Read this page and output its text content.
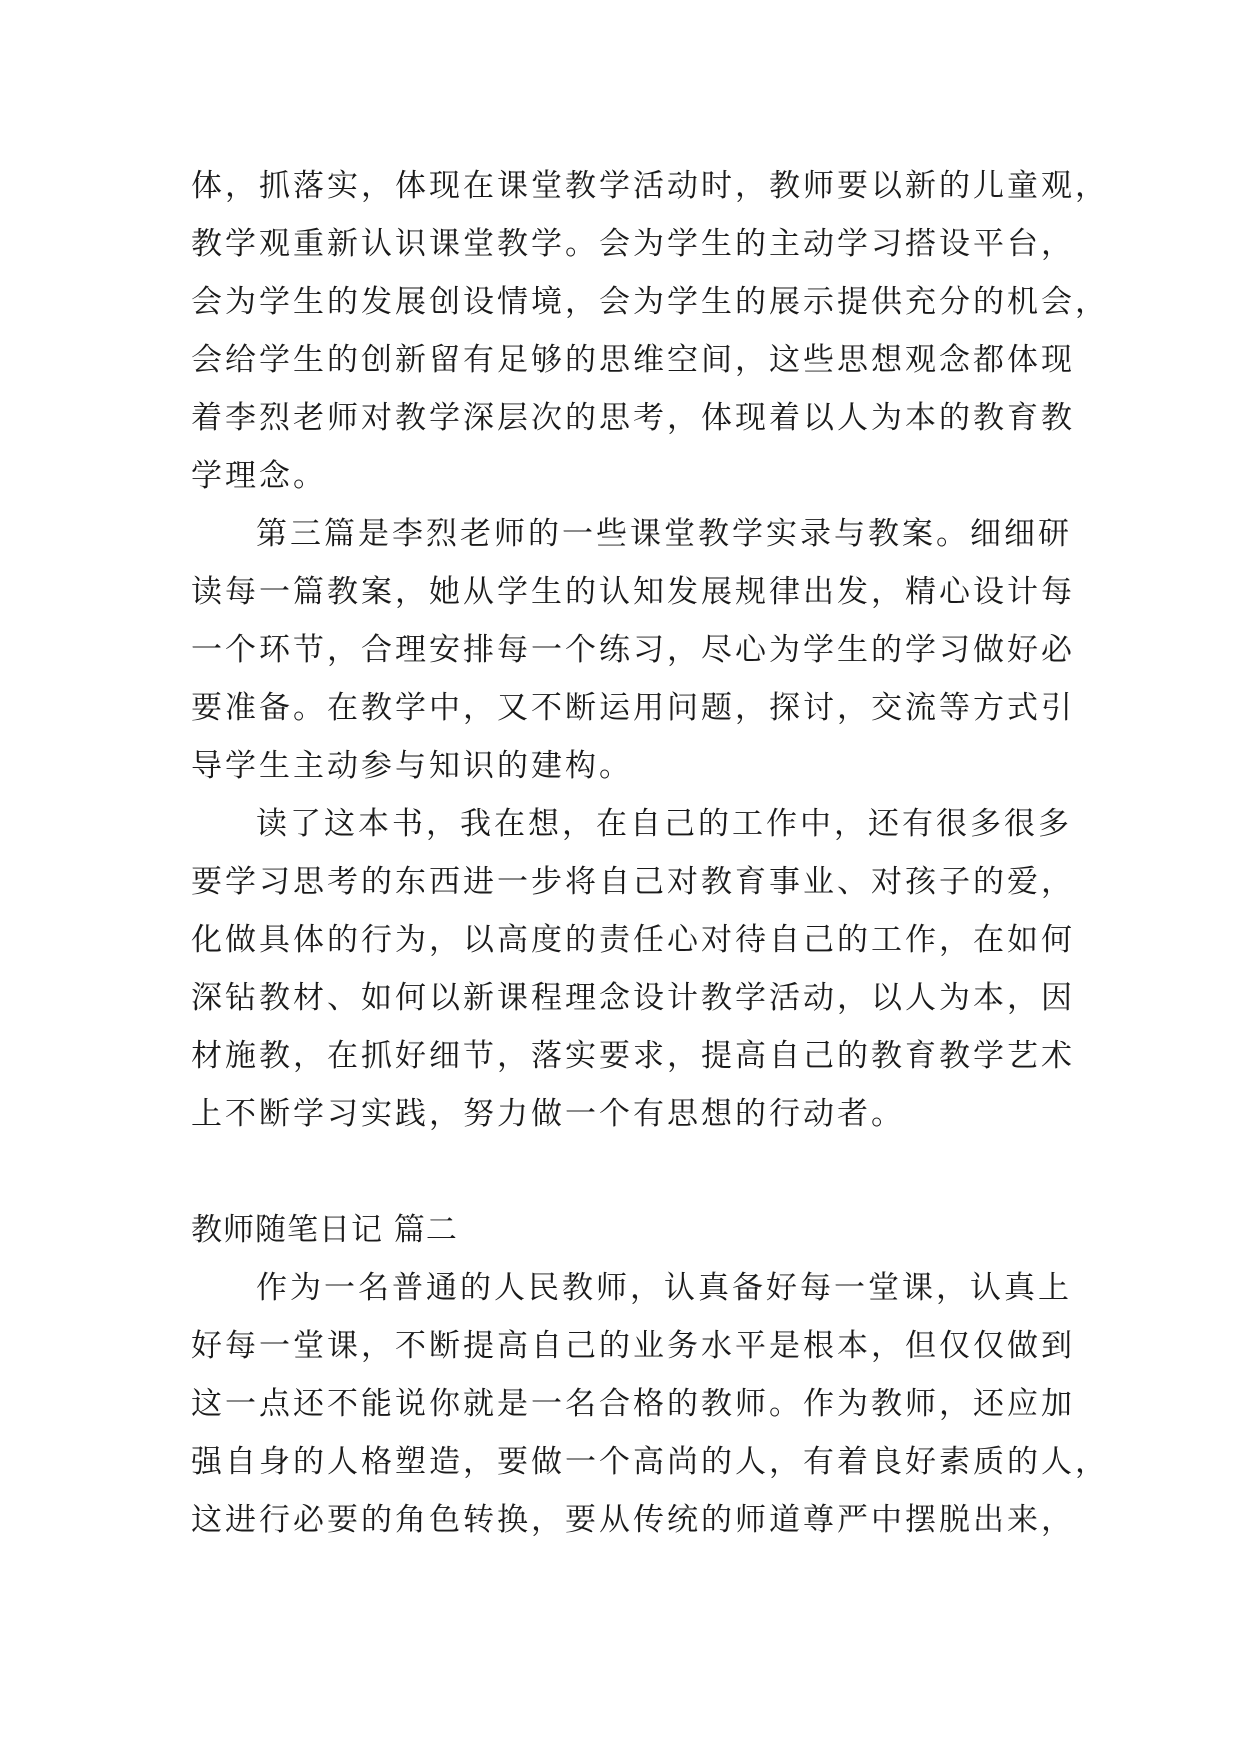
体，抓落实，体现在课堂教学活动时，教师要以新的儿童观，
教学观重新认识课堂教学。会为学生的主动学习搭设平台，
会为学生的发展创设情境，会为学生的展示提供充分的机会，
会给学生的创新留有足够的思维空间，这些思想观念都体现
着李烈老师对教学深层次的思考，体现着以人为本的教育教
学理念。
第三篇是李烈老师的一些课堂教学实录与教案。细细研
读每一篇教案，她从学生的认知发展规律出发，精心设计每
一个环节，合理安排每一个练习，尽心为学生的学习做好必
要准备。在教学中，又不断运用问题，探讨，交流等方式引
导学生主动参与知识的建构。
读了这本书，我在想，在自己的工作中，还有很多很多
要学习思考的东西进一步将自己对教育事业、对孩子的爱，
化做具体的行为，以高度的责任心对待自己的工作，在如何
深钻教材、如何以新课程理念设计教学活动，以人为本，因
材施教，在抓好细节，落实要求，提高自己的教育教学艺术
上不断学习实践，努力做一个有思想的行动者。
教师随笔日记 篇二
作为一名普通的人民教师，认真备好每一堂课，认真上
好每一堂课，不断提高自己的业务水平是根本，但仅仅做到
这一点还不能说你就是一名合格的教师。作为教师，还应加
强自身的人格塑造，要做一个高尚的人，有着良好素质的人，
这进行必要的角色转换，要从传统的师道尊严中摆脱出来，
